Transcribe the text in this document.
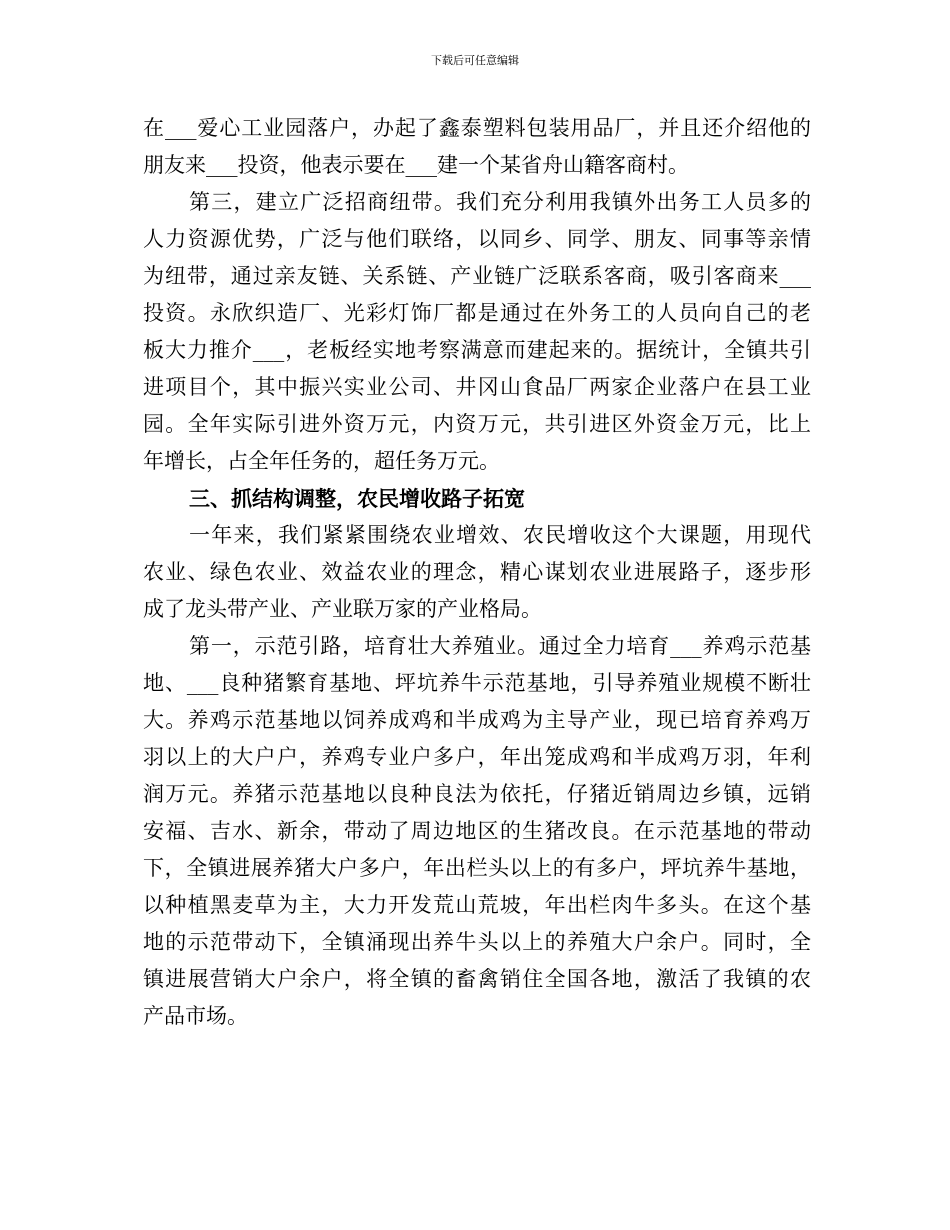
下载后可任意编辑
在___爱心工业园落户，办起了鑫泰塑料包装用品厂，并且还介绍他的
朋友来___投资，他表示要在___建一个某省舟山籍客商村。
第三，建立广泛招商纽带。我们充分利用我镇外出务工人员多的
人力资源优势，广泛与他们联络，以同乡、同学、朋友、同事等亲情
为纽带，通过亲友链、关系链、产业链广泛联系客商，吸引客商来___
投资。永欣织造厂、光彩灯饰厂都是通过在外务工的人员向自己的老
板大力推介___，老板经实地考察满意而建起来的。据统计，全镇共引
进项目个，其中振兴实业公司、井冈山食品厂两家企业落户在县工业
园。全年实际引进外资万元，内资万元，共引进区外资金万元，比上
年增长，占全年任务的，超任务万元。
三、抓结构调整，农民增收路子拓宽
一年来，我们紧紧围绕农业增效、农民增收这个大课题，用现代
农业、绿色农业、效益农业的理念，精心谋划农业进展路子，逐步形
成了龙头带产业、产业联万家的产业格局。
第一，示范引路，培育壮大养殖业。通过全力培育___养鸡示范基
地、___良种猪繁育基地、坪坑养牛示范基地，引导养殖业规模不断壮
大。养鸡示范基地以饲养成鸡和半成鸡为主导产业，现已培育养鸡万
羽以上的大户户，养鸡专业户多户，年出笼成鸡和半成鸡万羽，年利
润万元。养猪示范基地以良种良法为依托，仔猪近销周边乡镇，远销
安福、吉水、新余，带动了周边地区的生猪改良。在示范基地的带动
下，全镇进展养猪大户多户，年出栏头以上的有多户，坪坑养牛基地，
以种植黑麦草为主，大力开发荒山荒坡，年出栏肉牛多头。在这个基
地的示范带动下，全镇涌现出养牛头以上的养殖大户余户。同时，全
镇进展营销大户余户，将全镇的畜禽销住全国各地，激活了我镇的农
产品市场。
